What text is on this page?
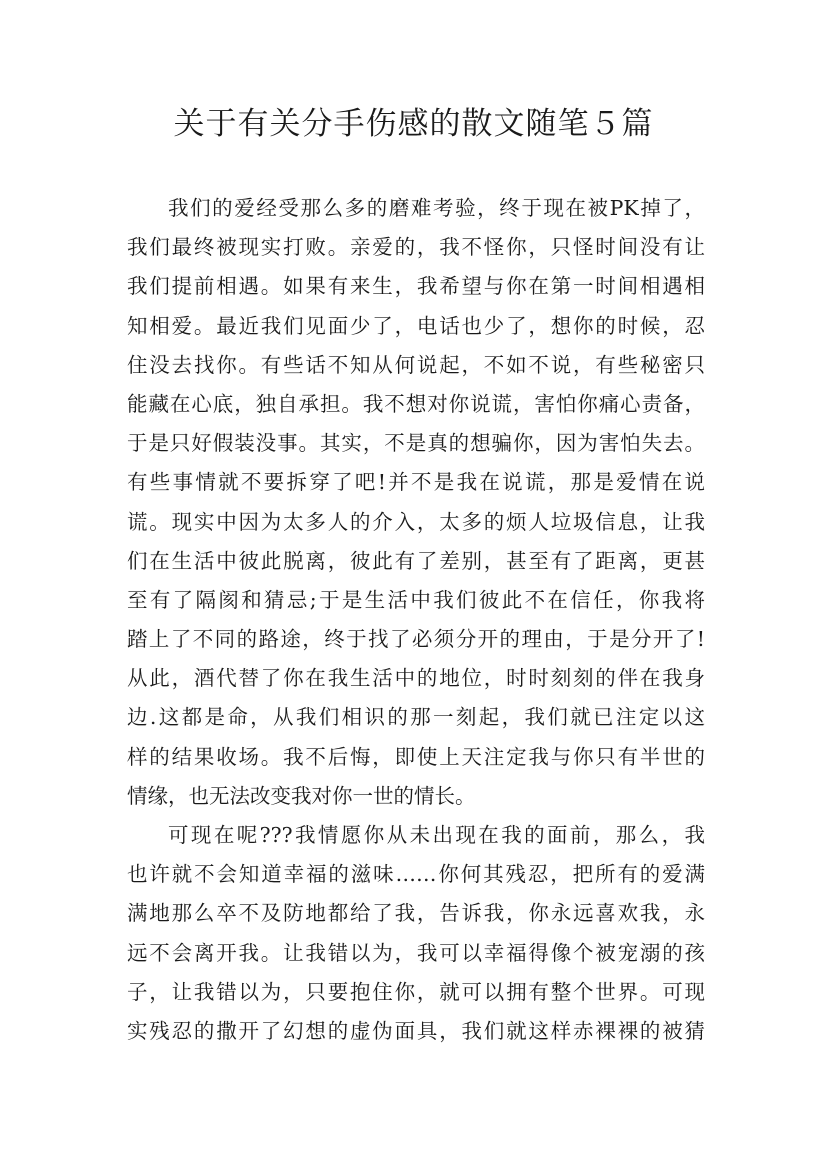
关于有关分手伤感的散文随笔５篇
我们的爱经受那么多的磨难考验，终于现在被PK掉了，
我们最终被现实打败。亲爱的，我不怪你，只怪时间没有让
我们提前相遇。如果有来生，我希望与你在第一时间相遇相
知相爱。最近我们见面少了，电话也少了，想你的时候，忍
住没去找你。有些话不知从何说起，不如不说，有些秘密只
能藏在心底，独自承担。我不想对你说谎，害怕你痛心责备，
于是只好假装没事。其实，不是真的想骗你，因为害怕失去。
有些事情就不要拆穿了吧!并不是我在说谎，那是爱情在说
谎。现实中因为太多人的介入，太多的烦人垃圾信息，让我
们在生活中彼此脱离，彼此有了差别，甚至有了距离，更甚
至有了隔阂和猜忌;于是生活中我们彼此不在信任，你我将
踏上了不同的路途，终于找了必须分开的理由，于是分开了!
从此，酒代替了你在我生活中的地位，时时刻刻的伴在我身
边.这都是命，从我们相识的那一刻起，我们就已注定以这
样的结果收场。我不后悔，即使上天注定我与你只有半世的
情缘，也无法改变我对你一世的情长。
可现在呢???我情愿你从未出现在我的面前，那么，我
也许就不会知道幸福的滋味……你何其残忍，把所有的爱满
满地那么卒不及防地都给了我，告诉我，你永远喜欢我，永
远不会离开我。让我错以为，我可以幸福得像个被宠溺的孩
子，让我错以为，只要抱住你，就可以拥有整个世界。可现
实残忍的撒开了幻想的虚伪面具，我们就这样赤裸裸的被猜
